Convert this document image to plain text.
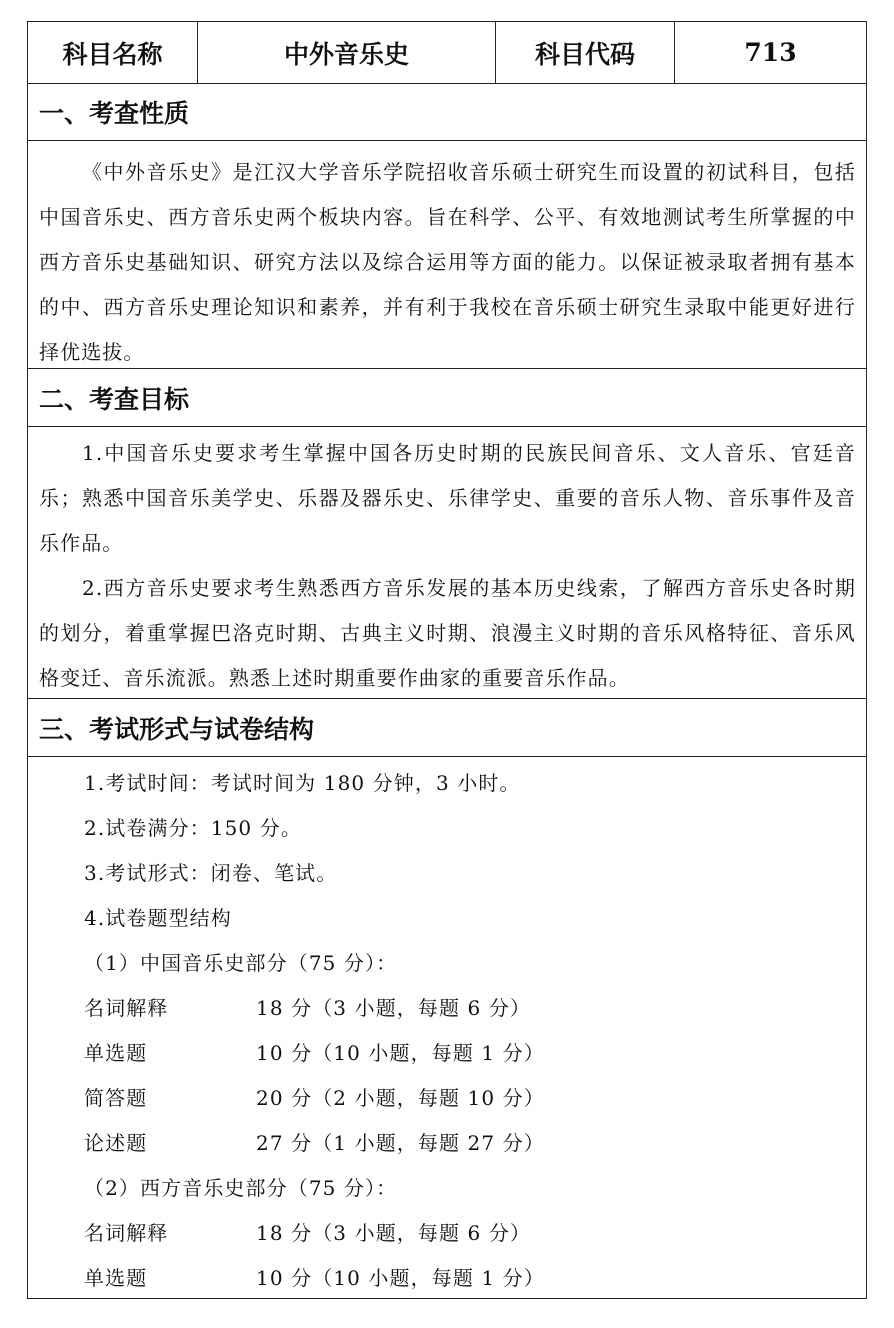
科目名称	中外音乐史	科目代码	713
一、考查性质
《中外音乐史》是江汉大学音乐学院招收音乐硕士研究生而设置的初试科目，包括中国音乐史、西方音乐史两个板块内容。旨在科学、公平、有效地测试考生所掌握的中西方音乐史基础知识、研究方法以及综合运用等方面的能力。以保证被录取者拥有基本的中、西方音乐史理论知识和素养，并有利于我校在音乐硕士研究生录取中能更好进行择优选拔。
二、考查目标
1.中国音乐史要求考生掌握中国各历史时期的民族民间音乐、文人音乐、官廷音乐；熟悉中国音乐美学史、乐器及器乐史、乐律学史、重要的音乐人物、音乐事件及音乐作品。
2.西方音乐史要求考生熟悉西方音乐发展的基本历史线索，了解西方音乐史各时期的划分，着重掌握巴洛克时期、古典主义时期、浪漫主义时期的音乐风格特征、音乐风格变迁、音乐流派。熟悉上述时期重要作曲家的重要音乐作品。
三、考试形式与试卷结构
1.考试时间：考试时间为 180 分钟，3 小时。
2.试卷满分：150 分。
3.考试形式：闭卷、笔试。
4.试卷题型结构
（1）中国音乐史部分（75 分）：
名词解释	18 分（3 小题，每题 6 分）
单选题	10 分（10 小题，每题 1 分）
简答题	20 分（2 小题，每题 10 分）
论述题	27 分（1 小题，每题 27 分）
（2）西方音乐史部分（75 分）：
名词解释	18 分（3 小题，每题 6 分）
单选题	10 分（10 小题，每题 1 分）
